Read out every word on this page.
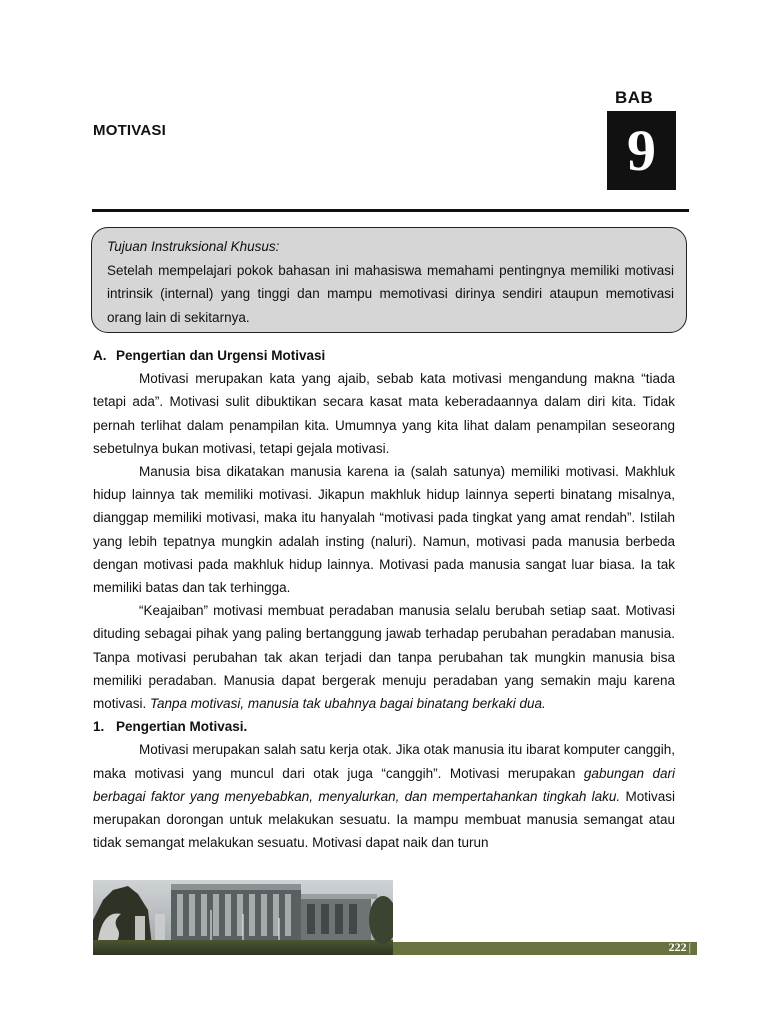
MOTIVASI
BAB
9
Tujuan Instruksional Khusus:
Setelah mempelajari pokok bahasan ini mahasiswa memahami pentingnya memiliki motivasi intrinsik (internal) yang tinggi dan mampu memotivasi dirinya sendiri ataupun memotivasi orang lain di sekitarnya.
A. Pengertian dan Urgensi Motivasi

Motivasi merupakan kata yang ajaib, sebab kata motivasi mengandung makna “tiada tetapi ada”. Motivasi sulit dibuktikan secara kasat mata keberadaannya dalam diri kita. Tidak pernah terlihat dalam penampilan kita. Umumnya yang kita lihat dalam penampilan seseorang sebetulnya bukan motivasi, tetapi gejala motivasi.

Manusia bisa dikatakan manusia karena ia (salah satunya) memiliki motivasi. Makhluk hidup lainnya tak memiliki motivasi. Jikapun makhluk hidup lainnya seperti binatang misalnya, dianggap memiliki motivasi, maka itu hanyalah “motivasi pada tingkat yang amat rendah”. Istilah yang lebih tepatnya mungkin adalah insting (naluri). Namun, motivasi pada manusia berbeda dengan motivasi pada makhluk hidup lainnya. Motivasi pada manusia sangat luar biasa. Ia tak memiliki batas dan tak terhingga.

“Keajaiban” motivasi membuat peradaban manusia selalu berubah setiap saat. Motivasi dituding sebagai pihak yang paling bertanggung jawab terhadap perubahan peradaban manusia. Tanpa motivasi perubahan tak akan terjadi dan tanpa perubahan tak mungkin manusia bisa memiliki peradaban. Manusia dapat bergerak menuju peradaban yang semakin maju karena motivasi. Tanpa motivasi, manusia tak ubahnya bagai binatang berkaki dua.

1. Pengertian Motivasi.

Motivasi merupakan salah satu kerja otak. Jika otak manusia itu ibarat komputer canggih, maka motivasi yang muncul dari otak juga “canggih”. Motivasi merupakan gabungan dari berbagai faktor yang menyebabkan, menyalurkan, dan mempertahankan tingkah laku. Motivasi merupakan dorongan untuk melakukan sesuatu. Ia mampu membuat manusia semangat atau tidak semangat melakukan sesuatu. Motivasi dapat naik dan turun

222 |
